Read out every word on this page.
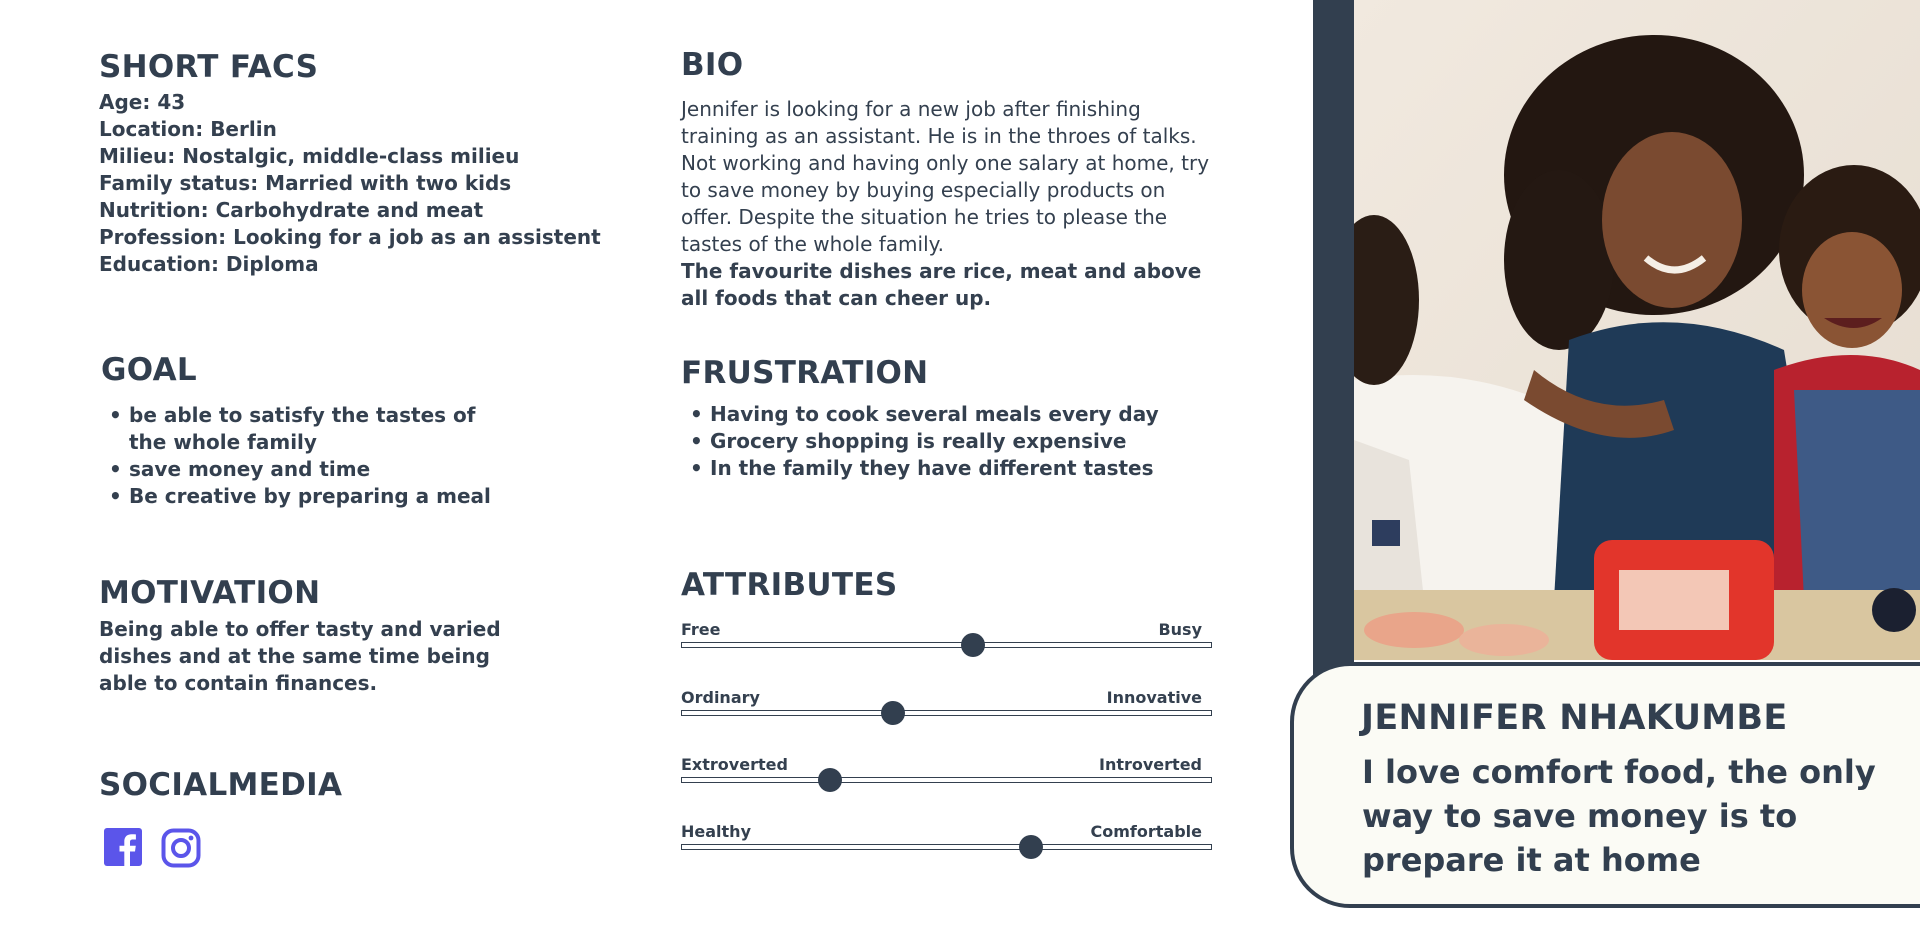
SHORT FACS
Age: 43
Location: Berlin
Milieu: Nostalgic, middle-class milieu
Family status: Married with two kids
Nutrition: Carbohydrate and meat
Profession: Looking for a job as an assistent
Education: Diploma
BIO
Jennifer is looking for a new job after finishing training as an assistant. He is in the throes of talks. Not working and having only one salary at home, try to save money by buying especially products on offer. Despite the situation he tries to please the tastes of the whole family.
The favourite dishes are rice, meat and above all foods that can cheer up.
GOAL
• be able to satisfy the tastes of the whole family
• save money and time
• Be creative by preparing a meal
FRUSTRATION
• Having to cook several meals every day
• Grocery shopping is really expensive
• In the family they have different tastes
MOTIVATION
Being able to offer tasty and varied dishes and at the same time being able to contain finances.
SOCIALMEDIA
ATTRIBUTES
Free	Busy
Ordinary	Innovative
Extroverted	Introverted
Healthy	Comfortable
JENNIFER NHAKUMBE
I love comfort food, the only way to save money is to prepare it at home
